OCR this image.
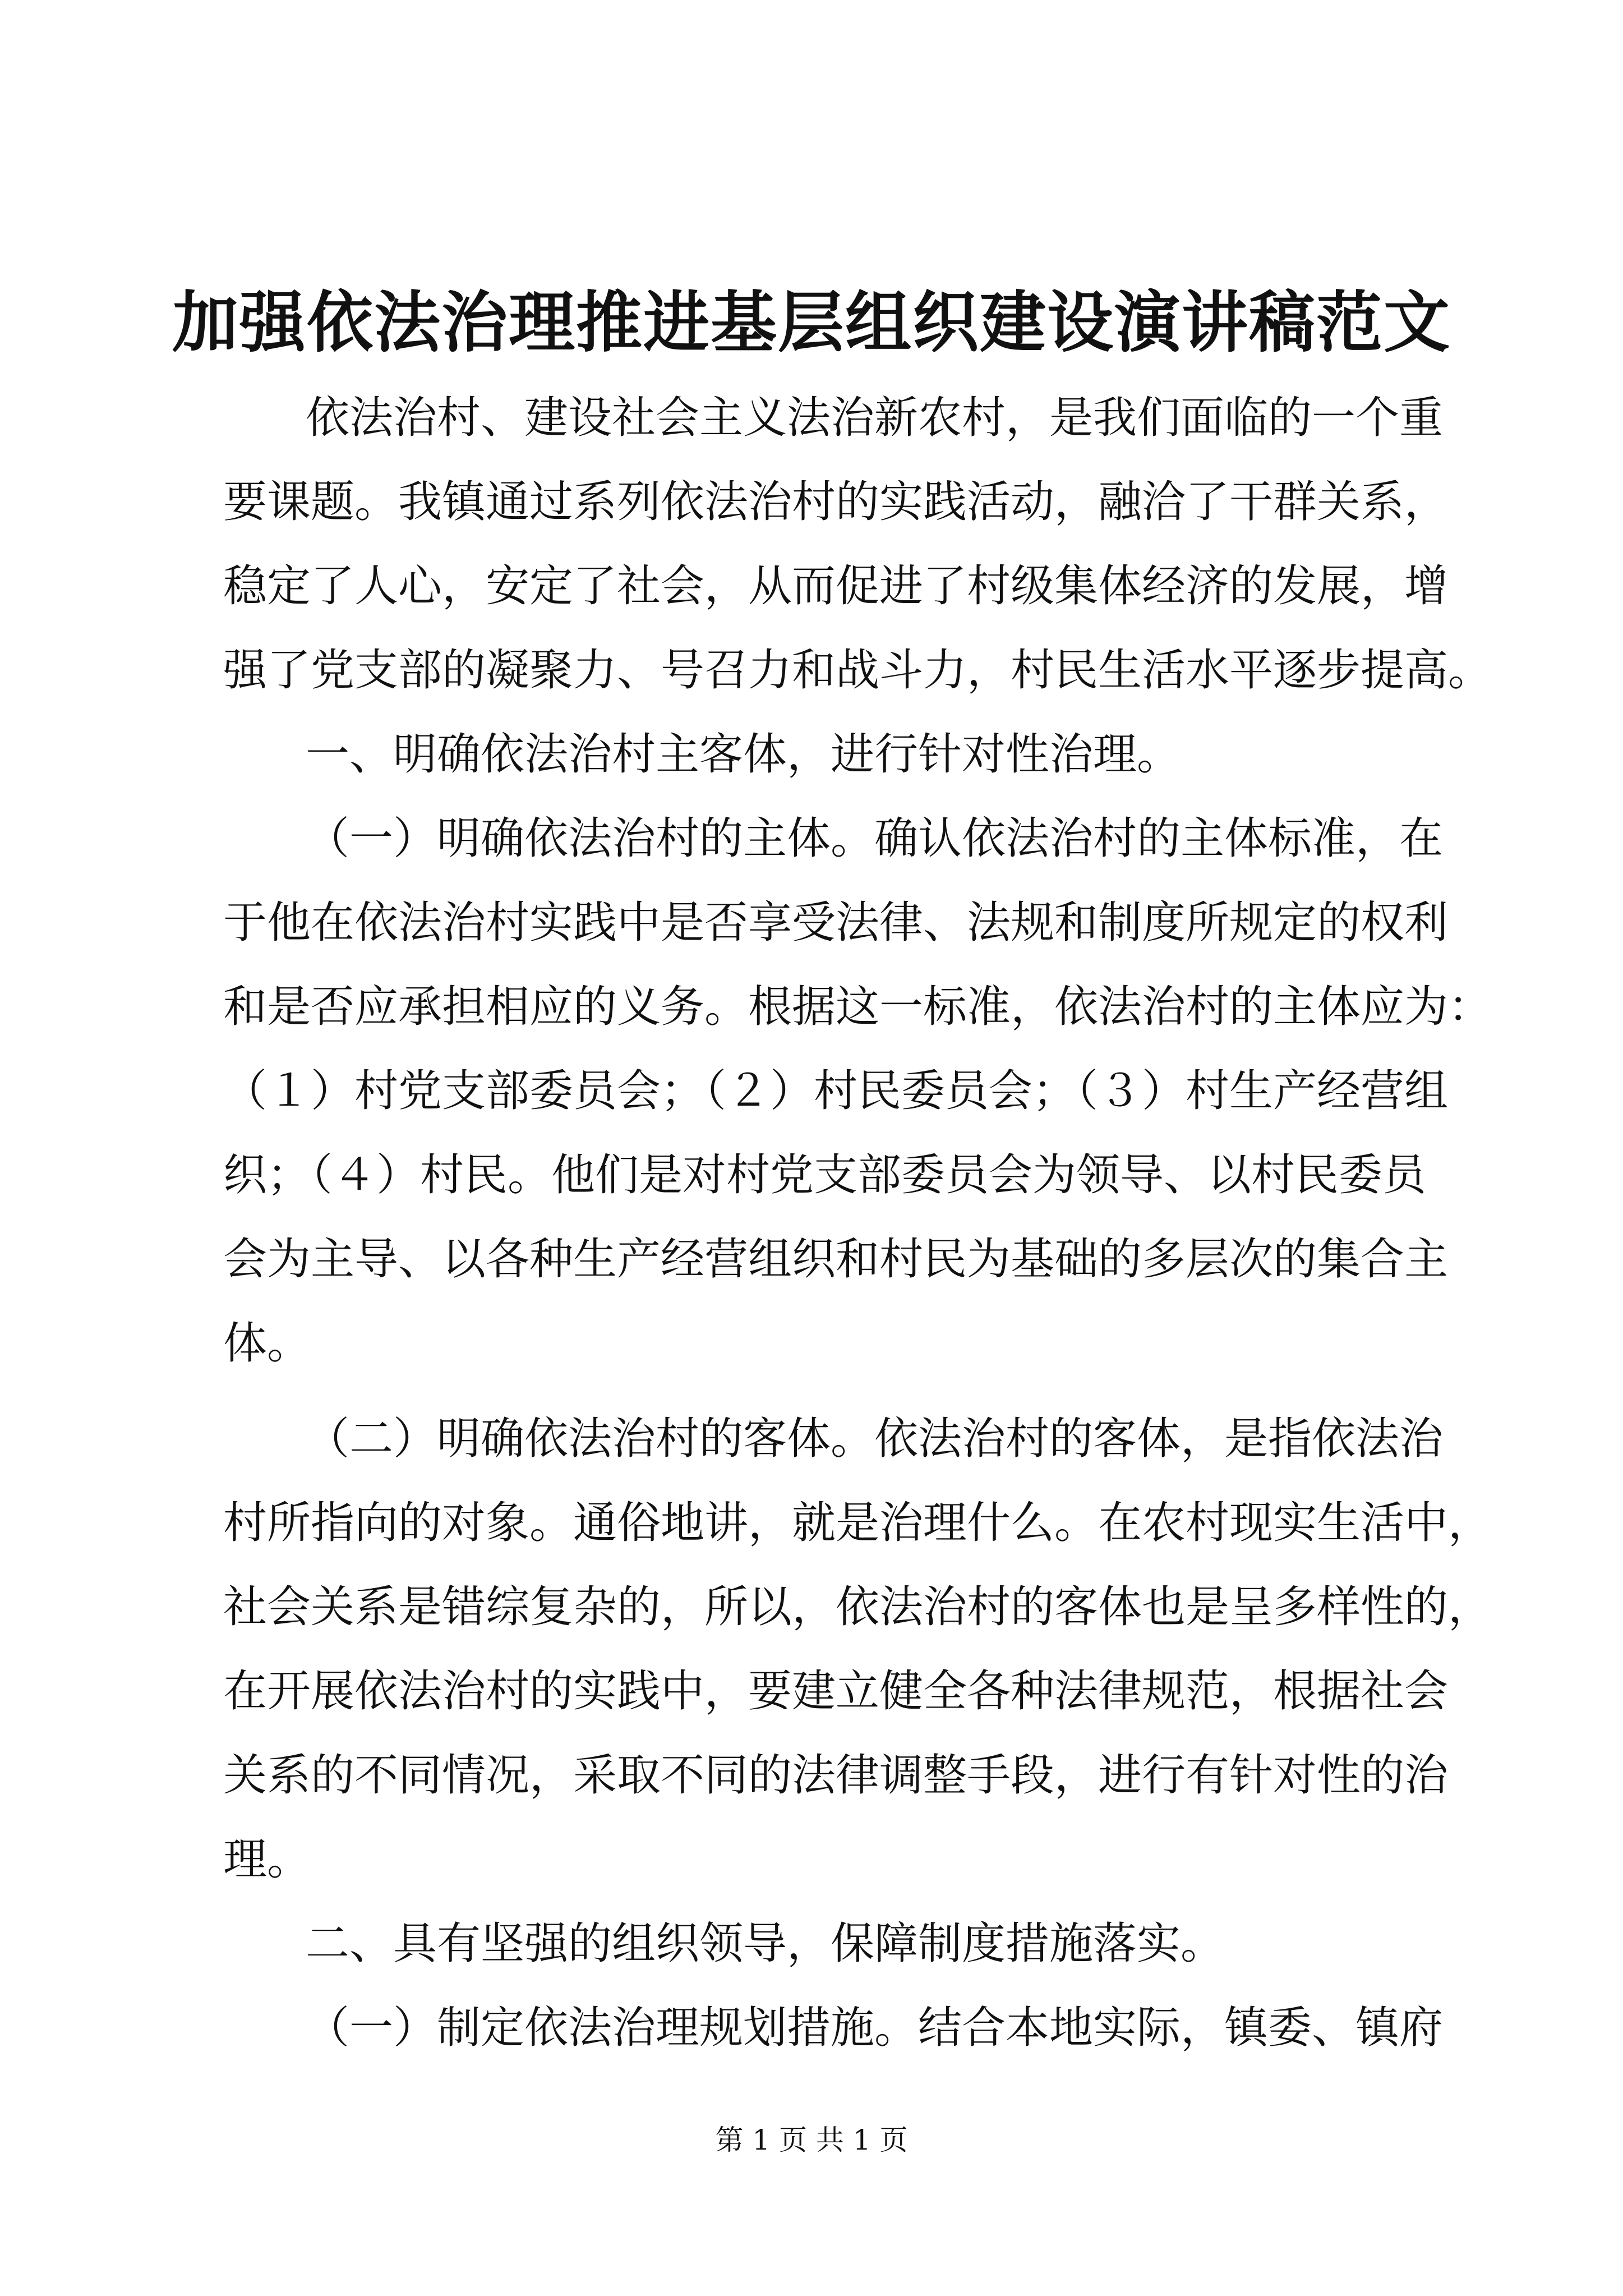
加强依法治理推进基层组织建设演讲稿范文
依法治村、建设社会主义法治新农村，是我们面临的一个重
要课题。我镇通过系列依法治村的实践活动，融洽了干群关系，
稳定了人心，安定了社会，从而促进了村级集体经济的发展，增
强了党支部的凝聚力、号召力和战斗力，村民生活水平逐步提高。
一、明确依法治村主客体，进行针对性治理。
（一）明确依法治村的主体。确认依法治村的主体标准，在
于他在依法治村实践中是否享受法律、法规和制度所规定的权利
和是否应承担相应的义务。根据这一标准，依法治村的主体应为：
（１）村党支部委员会；（２）村民委员会；（３）村生产经营组
织；（４）村民。他们是对村党支部委员会为领导、以村民委员
会为主导、以各种生产经营组织和村民为基础的多层次的集合主
体。
（二）明确依法治村的客体。依法治村的客体，是指依法治
村所指向的对象。通俗地讲，就是治理什么。在农村现实生活中，
社会关系是错综复杂的，所以，依法治村的客体也是呈多样性的，
在开展依法治村的实践中，要建立健全各种法律规范，根据社会
关系的不同情况，采取不同的法律调整手段，进行有针对性的治
理。
二、具有坚强的组织领导，保障制度措施落实。
（一）制定依法治理规划措施。结合本地实际，镇委、镇府
第 1 页 共 1 页
